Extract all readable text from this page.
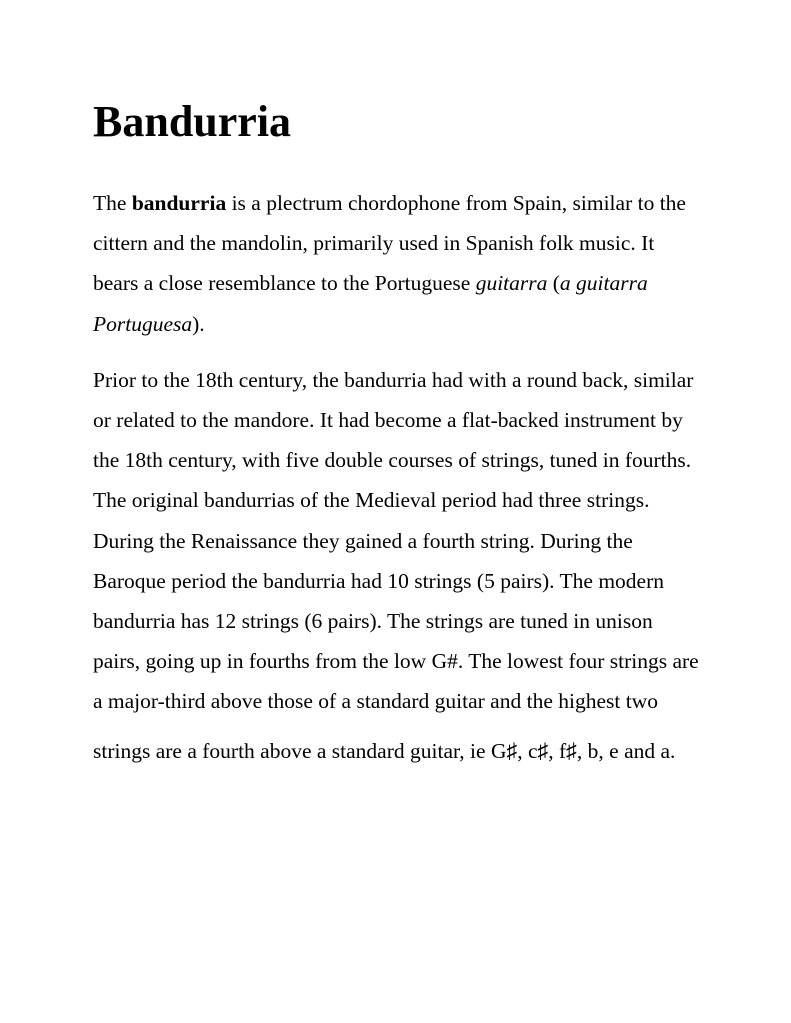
Bandurria

The bandurria is a plectrum chordophone from Spain, similar to the cittern and the mandolin, primarily used in Spanish folk music. It bears a close resemblance to the Portuguese guitarra (a guitarra Portuguesa).

Prior to the 18th century, the bandurria had with a round back, similar or related to the mandore. It had become a flat-backed instrument by the 18th century, with five double courses of strings, tuned in fourths. The original bandurrias of the Medieval period had three strings. During the Renaissance they gained a fourth string. During the Baroque period the bandurria had 10 strings (5 pairs). The modern bandurria has 12 strings (6 pairs). The strings are tuned in unison pairs, going up in fourths from the low G#. The lowest four strings are a major-third above those of a standard guitar and the highest two strings are a fourth above a standard guitar, ie G♯, c♯, f♯, b, e and a.
